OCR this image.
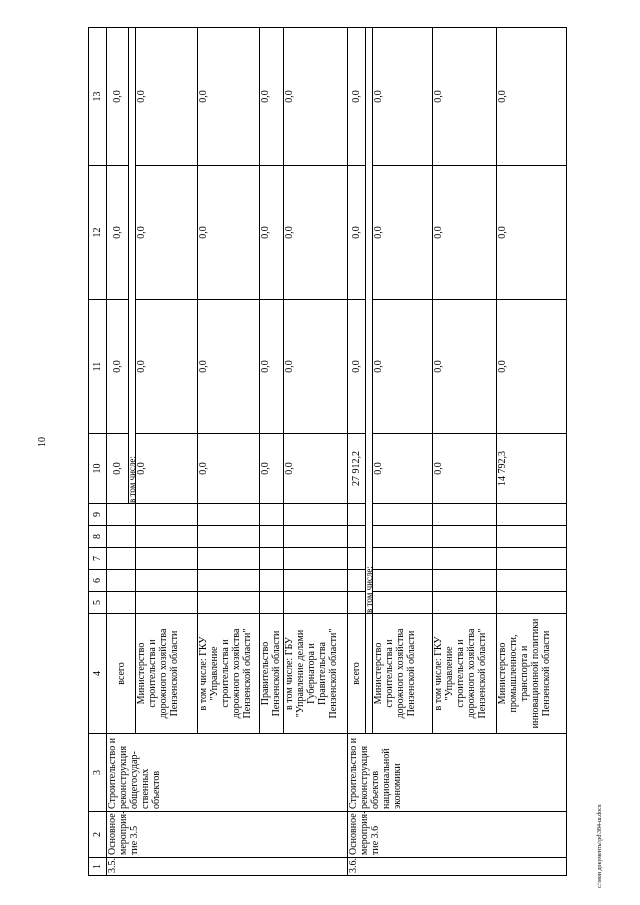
10
c:\мои документы\pd\384-ш.docx
1	2	3	4	5	6	7	8	9	10	11	12	13
3.5.	Основное мероприя-тие 3.5	Строительство и реконструкция общегосудар-ственных объектов	всего						0,0	0,0	0,0	0,0
									в том числе:			
			Министерство строительства и дорожного хозяйства Пензенской области						0,0	0,0	0,0	0,0
			в том числе: ГКУ "Управление строительства и дорожного хозяйства Пензенской области"						0,0	0,0	0,0	0,0
			Правительство Пензенской области						0,0	0,0	0,0	0,0
			в том числе: ГБУ "Управление делами Губернатора и Правительства Пензенской области"						0,0	0,0	0,0	0,0
3.6.	Основное мероприя-тие 3.6	Строительство и реконструкция объектов национальной экономики	всего						27 912,2	0,0	0,0	0,0
				в том числе:								
			Министерство строительства и дорожного хозяйства Пензенской области						0,0	0,0	0,0	0,0
			в том числе: ГКУ "Управление строительства и дорожного хозяйства Пензенской области"						0,0	0,0	0,0	0,0
			Министерство промышленности, транспорта и инновационной политики Пензенской области						14 792,3	0,0	0,0	0,0
